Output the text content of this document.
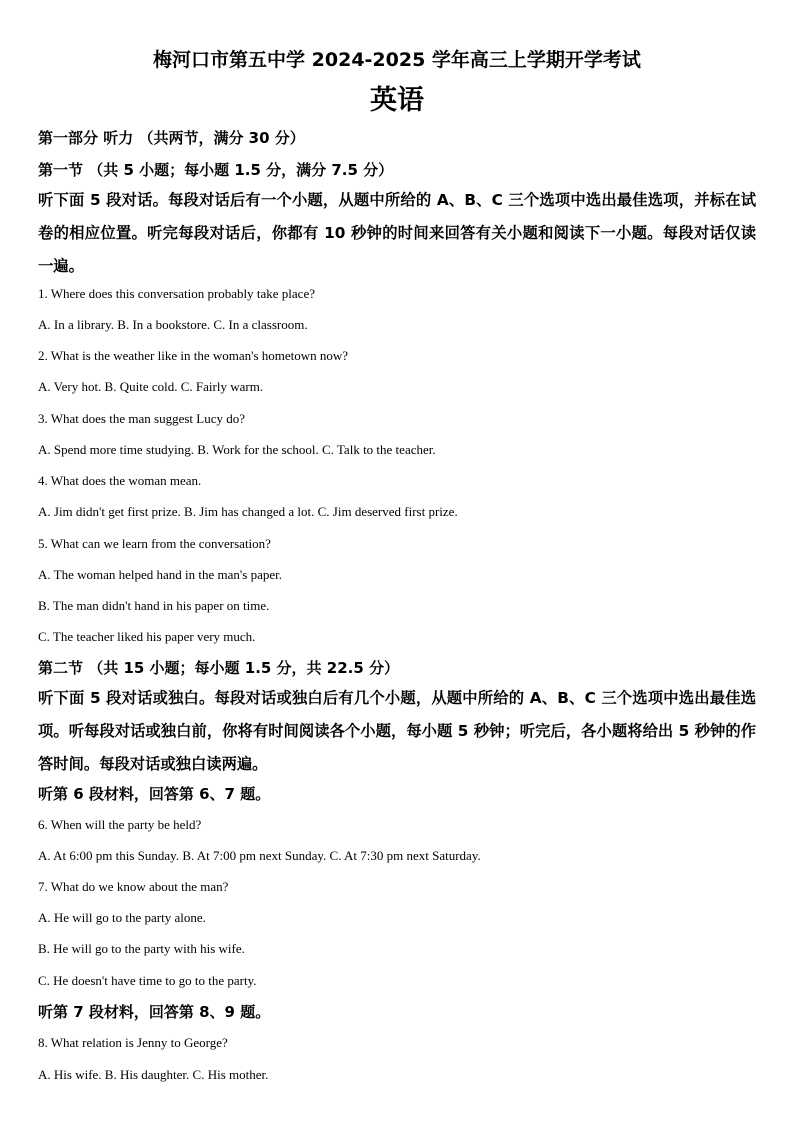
梅河口市第五中学 2024-2025 学年高三上学期开学考试
英语
第一部分 听力 （共两节，满分 30 分）
第一节 （共 5 小题；每小题 1.5 分，满分 7.5 分）
听下面 5 段对话。每段对话后有一个小题，从题中所给的 A、B、C 三个选项中选出最佳选项，并标在试卷的相应位置。听完每段对话后，你都有 10 秒钟的时间来回答有关小题和阅读下一小题。每段对话仅读一遍。
1. Where does this conversation probably take place?
A. In a library. B. In a bookstore. C. In a classroom.
2. What is the weather like in the woman's hometown now?
A. Very hot. B. Quite cold. C. Fairly warm.
3. What does the man suggest Lucy do?
A. Spend more time studying. B. Work for the school. C. Talk to the teacher.
4. What does the woman mean.
A. Jim didn't get first prize. B. Jim has changed a lot. C. Jim deserved first prize.
5. What can we learn from the conversation?
A. The woman helped hand in the man's paper.
B. The man didn't hand in his paper on time.
C. The teacher liked his paper very much.
第二节 （共 15 小题；每小题 1.5 分，共 22.5 分）
听下面 5 段对话或独白。每段对话或独白后有几个小题，从题中所给的 A、B、C 三个选项中选出最佳选项。听每段对话或独白前，你将有时间阅读各个小题，每小题 5 秒钟；听完后，各小题将给出 5 秒钟的作答时间。每段对话或独白读两遍。
听第 6 段材料，回答第 6、7 题。
6. When will the party be held?
A. At 6:00 pm this Sunday. B. At 7:00 pm next Sunday. C. At 7:30 pm next Saturday.
7. What do we know about the man?
A. He will go to the party alone.
B. He will go to the party with his wife.
C. He doesn't have time to go to the party.
听第 7 段材料，回答第 8、9 题。
8. What relation is Jenny to George?
A. His wife. B. His daughter. C. His mother.
